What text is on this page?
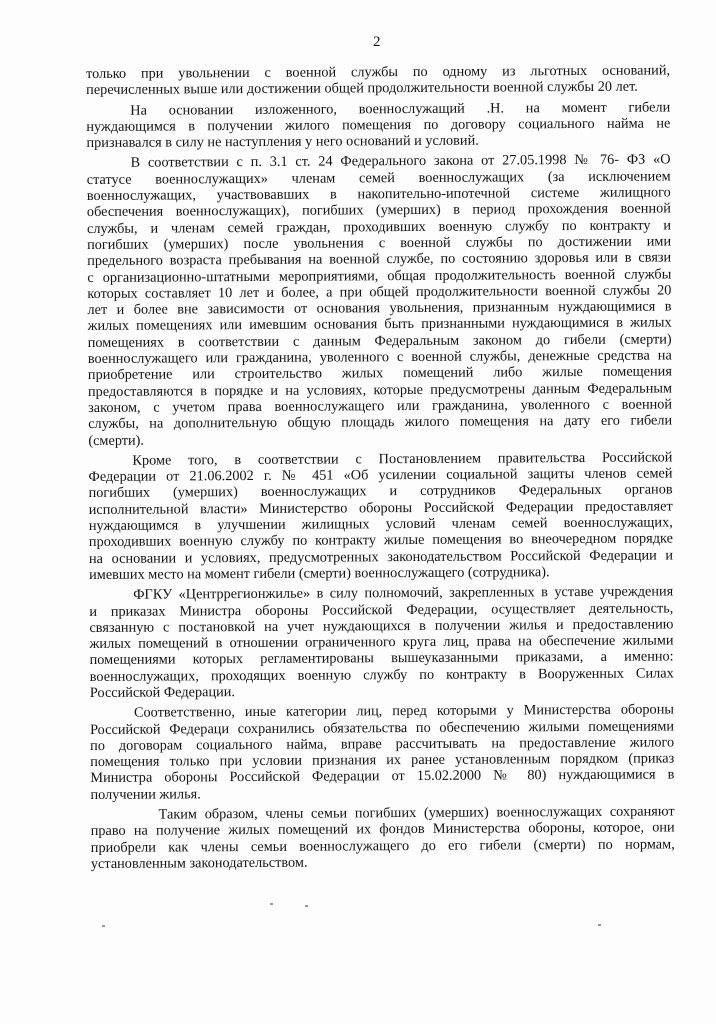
2
только при увольнении с военной службы по одному из льготных оснований,
перечисленных выше или достижении общей продолжительности военной службы 20 лет.
На основании изложенного, военнослужащий .Н. на момент гибели
нуждающимся в получении жилого помещения по договору социального найма не
признавался в силу не наступления у него оснований и условий.
В соответствии с п. 3.1 ст. 24 Федерального закона от 27.05.1998 № 76- ФЗ «О
статусе военнослужащих» членам семей военнослужащих (за исключением
военнослужащих, участвовавших в накопительно-ипотечной системе жилищного
обеспечения военнослужащих), погибших (умерших) в период прохождения военной
службы, и членам семей граждан, проходивших военную службу по контракту и
погибших (умерших) после увольнения с военной службы по достижении ими
предельного возраста пребывания на военной службе, по состоянию здоровья или в связи
с организационно-штатными мероприятиями, общая продолжительность военной службы
которых составляет 10 лет и более, а при общей продолжительности военной службы 20
лет и более вне зависимости от основания увольнения, признанным нуждающимися в
жилых помещениях или имевшим основания быть признанными нуждающимися в жилых
помещениях в соответствии с данным Федеральным законом до гибели (смерти)
военнослужащего или гражданина, уволенного с военной службы, денежные средства на
приобретение или строительство жилых помещений либо жилые помещения
предоставляются в порядке и на условиях, которые предусмотрены данным Федеральным
законом, с учетом права военнослужащего или гражданина, уволенного с военной
службы, на дополнительную общую площадь жилого помещения на дату его гибели
(смерти).
Кроме того, в соответствии с Постановлением правительства Российской
Федерации от 21.06.2002 г. № 451 «Об усилении социальной защиты членов семей
погибших (умерших) военнослужащих и сотрудников Федеральных органов
исполнительной власти» Министерство обороны Российской Федерации предоставляет
нуждающимся в улучшении жилищных условий членам семей военнослужащих,
проходивших военную службу по контракту жилые помещения во внеочередном порядке
на основании и условиях, предусмотренных законодательством Российской Федерации и
имевших место на момент гибели (смерти) военнослужащего (сотрудника).
ФГКУ «Центррегионжилье» в силу полномочий, закрепленных в уставе учреждения
и приказах Министра обороны Российской Федерации, осуществляет деятельность,
связанную с постановкой на учет нуждающихся в получении жилья и предоставлению
жилых помещений в отношении ограниченного круга лиц, права на обеспечение жилыми
помещениями которых регламентированы вышеуказанными приказами, а именно:
военнослужащих, проходящих военную службу по контракту в Вооруженных Силах
Российской Федерации.
Соответственно, иные категории лиц, перед которыми у Министерства обороны
Российской Федераци сохранились обязательства по обеспечению жилыми помещениями
по договорам социального найма, вправе рассчитывать на предоставление жилого
помещения только при условии признания их ранее установленным порядком (приказ
Министра обороны Российской Федерации от 15.02.2000 № 80) нуждающимися в
получении жилья.
Таким образом, члены семьи погибших (умерших) военнослужащих сохраняют
право на получение жилых помещений их фондов Министерства обороны, которое, они
приобрели как члены семьи военнослужащего до его гибели (смерти) по нормам,
установленным законодательством.
